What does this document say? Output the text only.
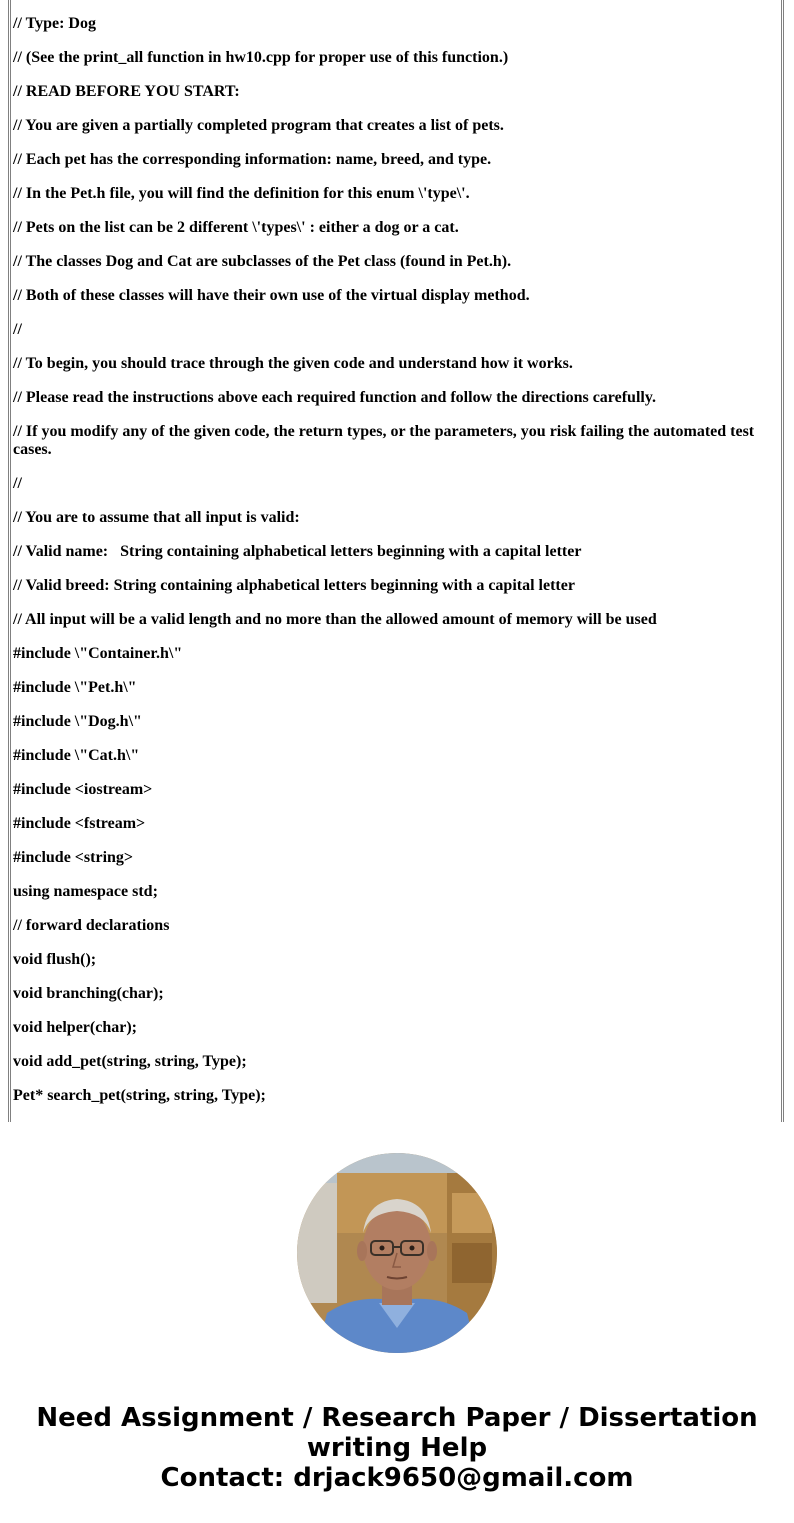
// Type: Dog
// (See the print_all function in hw10.cpp for proper use of this function.)
// READ BEFORE YOU START:
// You are given a partially completed program that creates a list of pets.
// Each pet has the corresponding information: name, breed, and type.
// In the Pet.h file, you will find the definition for this enum \'type\'.
// Pets on the list can be 2 different \'types\' : either a dog or a cat.
// The classes Dog and Cat are subclasses of the Pet class (found in Pet.h).
// Both of these classes will have their own use of the virtual display method.
//
// To begin, you should trace through the given code and understand how it works.
// Please read the instructions above each required function and follow the directions carefully.
// If you modify any of the given code, the return types, or the parameters, you risk failing the automated test cases.
//
// You are to assume that all input is valid:
// Valid name:   String containing alphabetical letters beginning with a capital letter
// Valid breed: String containing alphabetical letters beginning with a capital letter
// All input will be a valid length and no more than the allowed amount of memory will be used
#include \"Container.h\"
#include \"Pet.h\"
#include \"Dog.h\"
#include \"Cat.h\"
#include <iostream>
#include <fstream>
#include <string>
using namespace std;
// forward declarations
void flush();
void branching(char);
void helper(char);
void add_pet(string, string, Type);
Pet* search_pet(string, string, Type);
Need Assignment / Research Paper / Dissertation
writing Help
Contact: drjack9650@gmail.com
